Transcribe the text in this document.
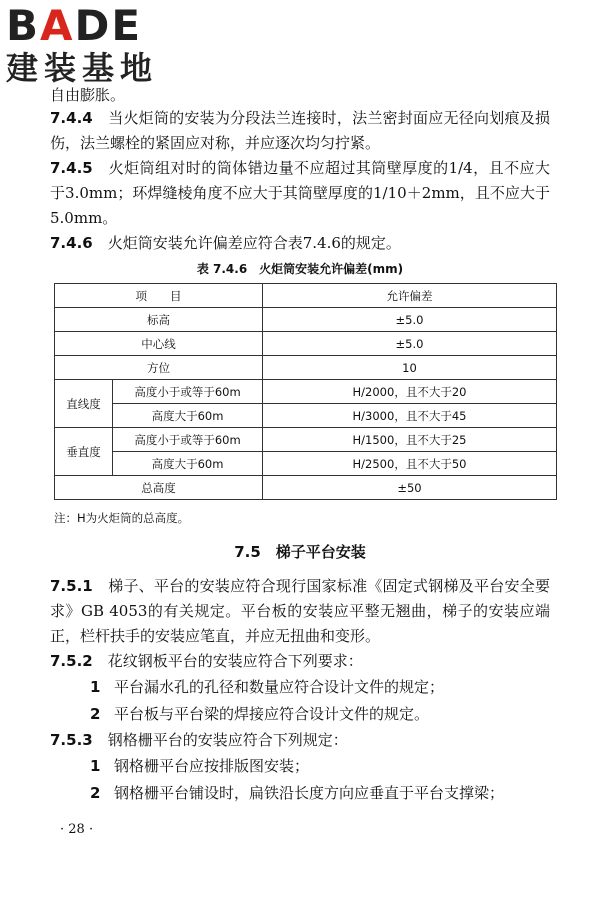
BADE
建装基地

自由膨胀。

7.4.4　 当火炬筒的安装为分段法兰连接时，法兰密封面应无径向划痕及损伤，法兰螺栓的紧固应对称，并应逐次均匀拧紧。

7.4.5　 火炬筒组对时的筒体错边量不应超过其筒壁厚度的1/4，且不应大于3.0mm；环焊缝棱角度不应大于其筒壁厚度的1/10＋2mm，且不应大于5.0mm。

7.4.6　 火炬筒安装允许偏差应符合表7.4.6的规定。

表 7.4.6　火炬筒安装允许偏差(mm)
项　　目		允许偏差
标高		±5.0
中心线		±5.0
方位		10
直线度	高度小于或等于60m	H/2000，且不大于20
	高度大于60m	H/3000，且不大于45
垂直度	高度小于或等于60m	H/1500，且不大于25
	高度大于60m	H/2500，且不大于50
总高度		±50
注：H为火炬筒的总高度。
7.5　梯子平台安装

7.5.1　 梯子、平台的安装应符合现行国家标准《固定式钢梯及平台安全要求》GB 4053的有关规定。平台板的安装应平整无翘曲，梯子的安装应端正，栏杆扶手的安装应笔直，并应无扭曲和变形。

7.5.2　 花纹钢板平台的安装应符合下列要求：

1 平台漏水孔的孔径和数量应符合设计文件的规定；

2 平台板与平台梁的焊接应符合设计文件的规定。

7.5.3　 钢格栅平台的安装应符合下列规定：

1 钢格栅平台应按排版图安装；

2 钢格栅平台铺设时，扁铁沿长度方向应垂直于平台支撑梁；

· 28 ·
